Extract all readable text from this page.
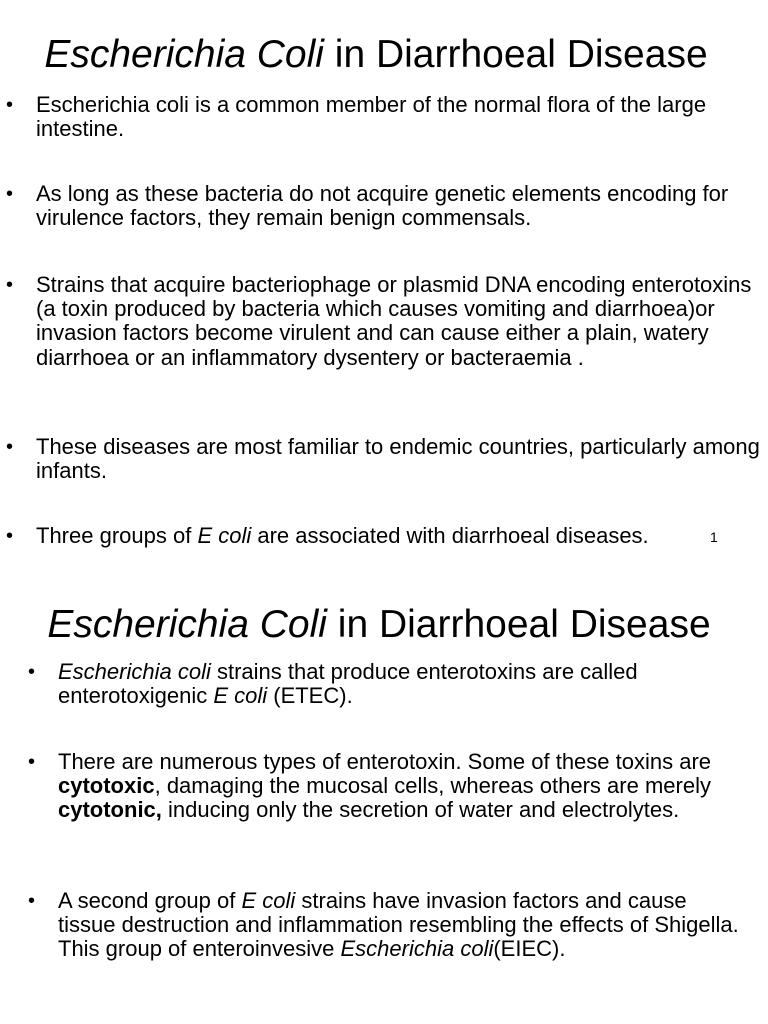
Escherichia Coli in Diarrhoeal Disease
• Escherichia coli is a common member of the normal flora of the large intestine.
• As long as these bacteria do not acquire genetic elements encoding for virulence factors, they remain benign commensals.
• Strains that acquire bacteriophage or plasmid DNA encoding enterotoxins (a toxin produced by bacteria which causes vomiting and diarrhoea)or invasion factors become virulent and can cause either a plain, watery diarrhoea or an inflammatory dysentery or bacteraemia .
• These diseases are most familiar to endemic countries, particularly among infants.
• Three groups of E coli are associated with diarrhoeal diseases.	1
Escherichia Coli in Diarrhoeal Disease
• Escherichia coli strains that produce enterotoxins are called enterotoxigenic E coli (ETEC).
• There are numerous types of enterotoxin. Some of these toxins are cytotoxic, damaging the mucosal cells, whereas others are merely cytotonic, inducing only the secretion of water and electrolytes.
• A second group of E coli strains have invasion factors and cause tissue destruction and inflammation resembling the effects of Shigella. This group of enteroinvesive Escherichia coli(EIEC).
